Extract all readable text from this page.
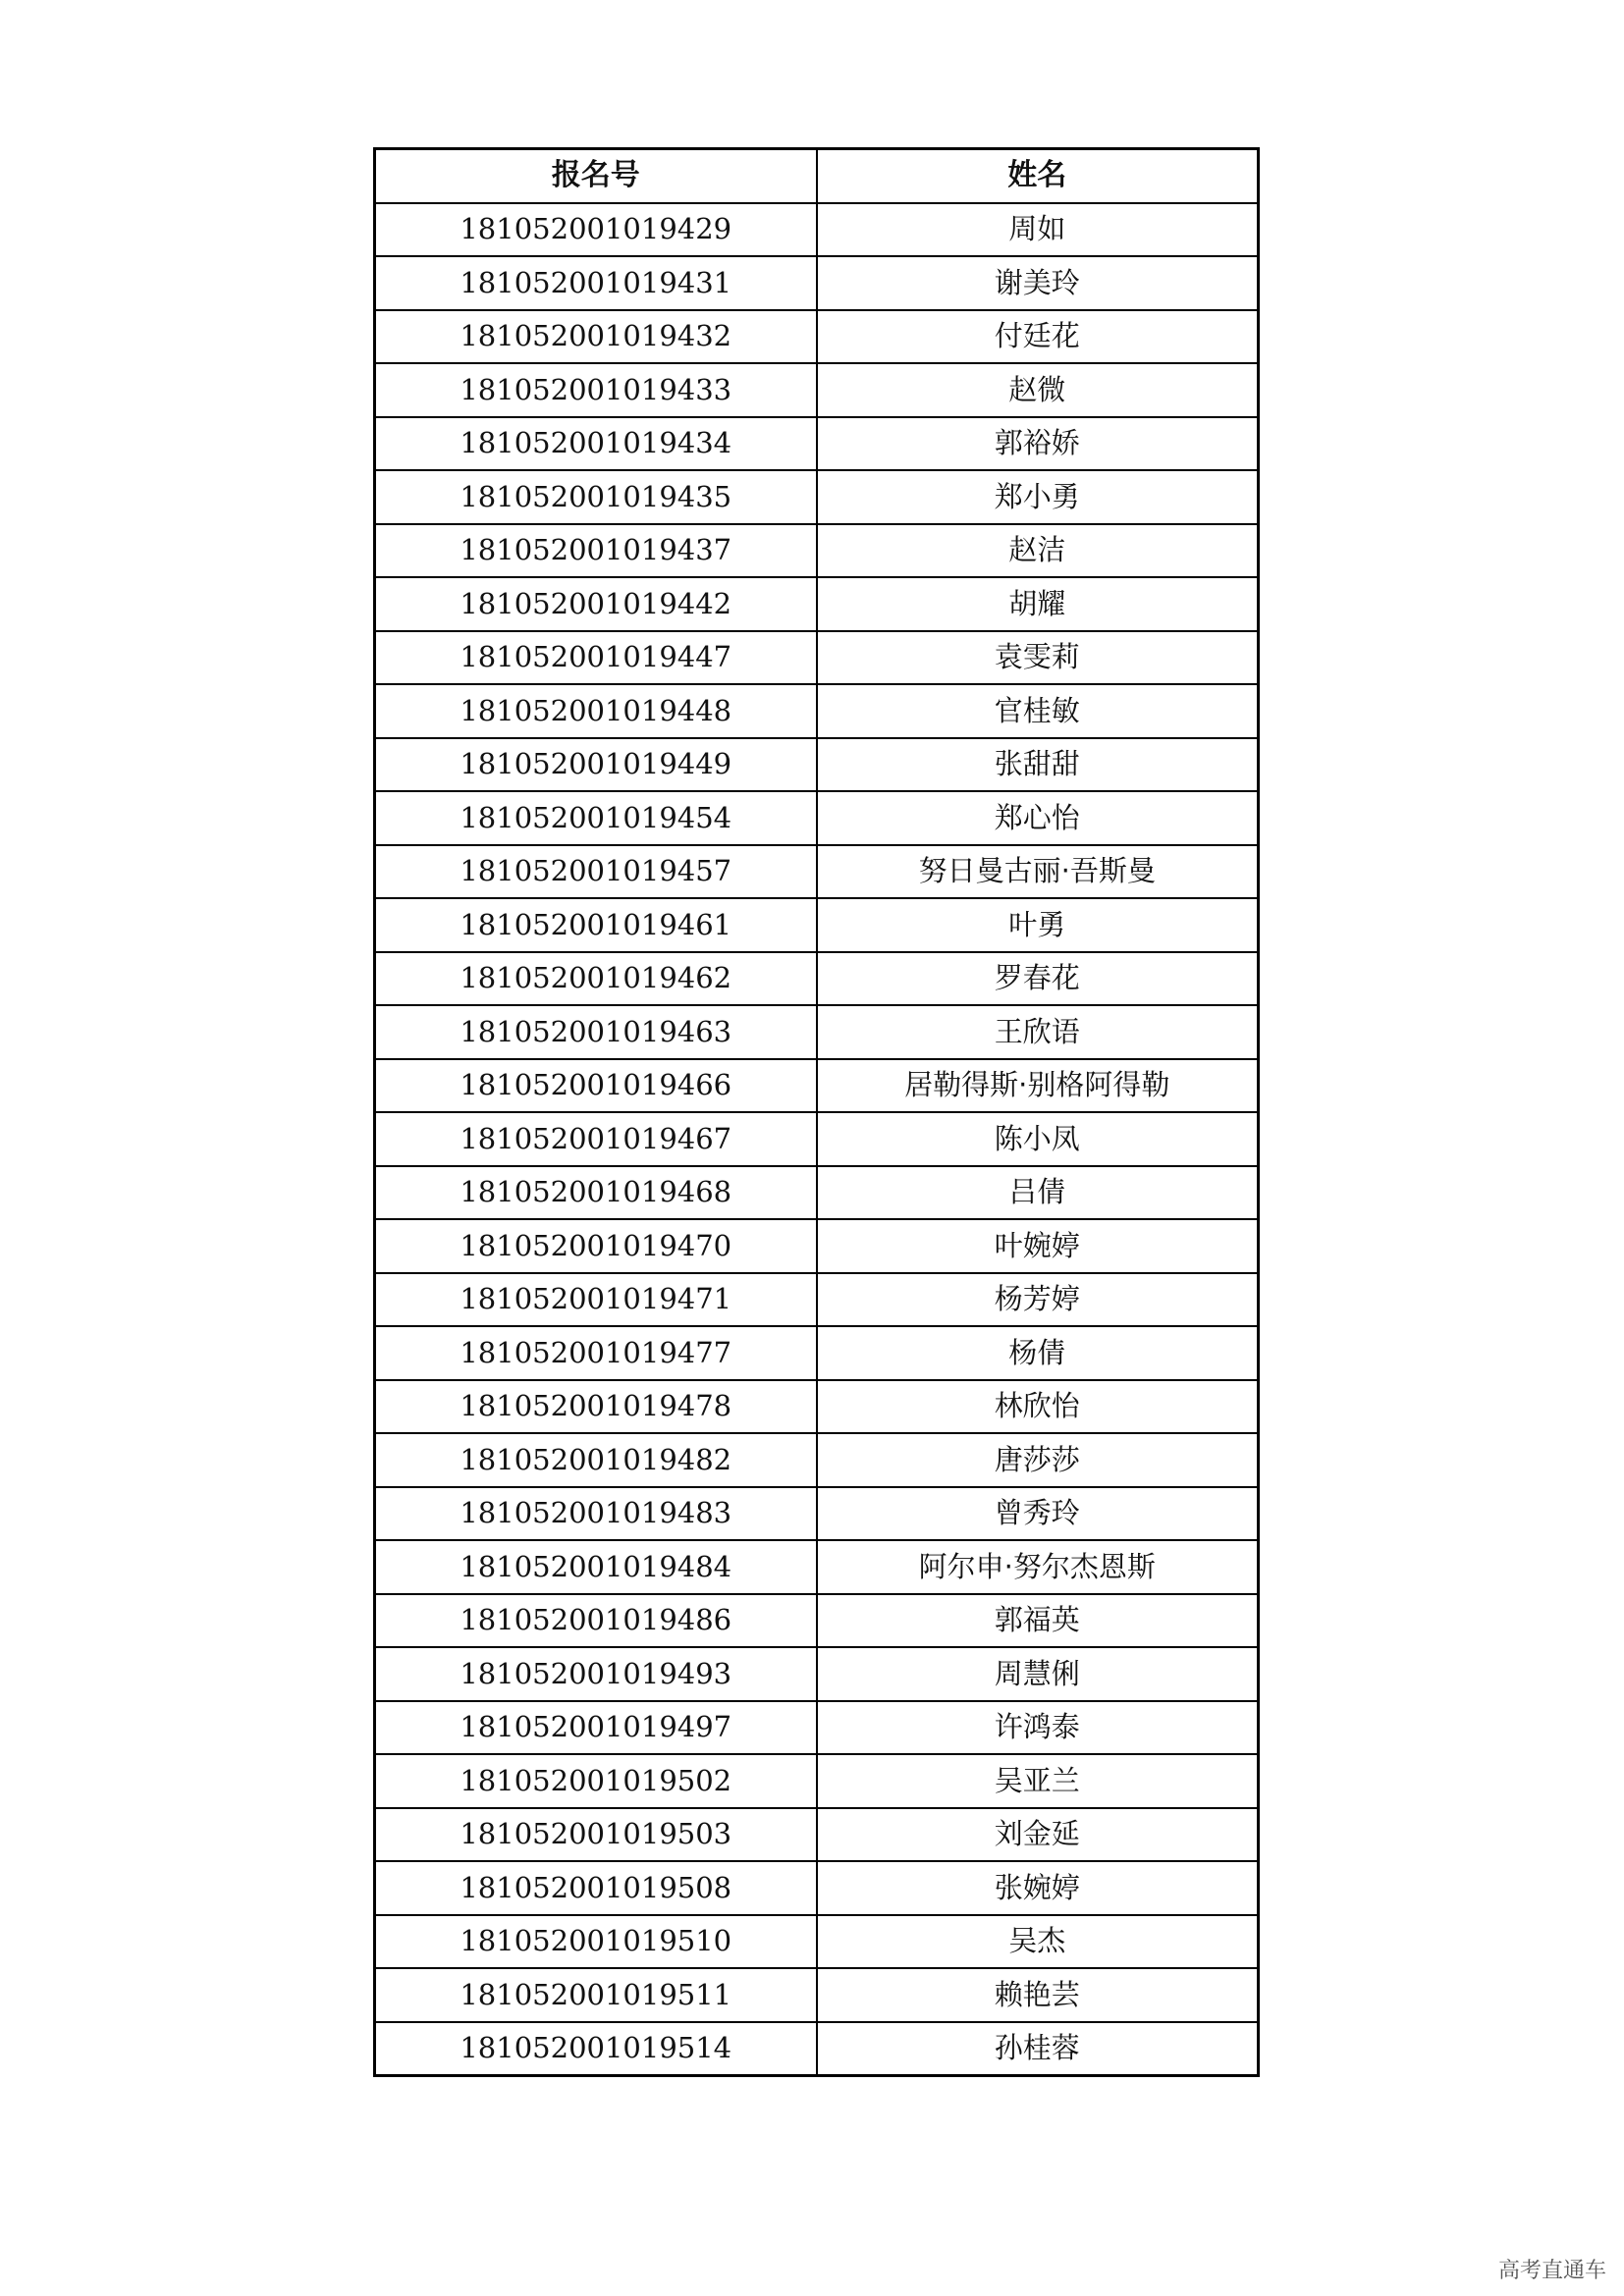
报名号	姓名
181052001019429	周如
181052001019431	谢美玲
181052001019432	付廷花
181052001019433	赵微
181052001019434	郭裕娇
181052001019435	郑小勇
181052001019437	赵洁
181052001019442	胡耀
181052001019447	袁雯莉
181052001019448	官桂敏
181052001019449	张甜甜
181052001019454	郑心怡
181052001019457	努日曼古丽·吾斯曼
181052001019461	叶勇
181052001019462	罗春花
181052001019463	王欣语
181052001019466	居勒得斯·别格阿得勒
181052001019467	陈小凤
181052001019468	吕倩
181052001019470	叶婉婷
181052001019471	杨芳婷
181052001019477	杨倩
181052001019478	林欣怡
181052001019482	唐莎莎
181052001019483	曾秀玲
181052001019484	阿尔申·努尔杰恩斯
181052001019486	郭福英
181052001019493	周慧俐
181052001019497	许鸿泰
181052001019502	吴亚兰
181052001019503	刘金延
181052001019508	张婉婷
181052001019510	吴杰
181052001019511	赖艳芸
181052001019514	孙桂蓉
高考直通车
